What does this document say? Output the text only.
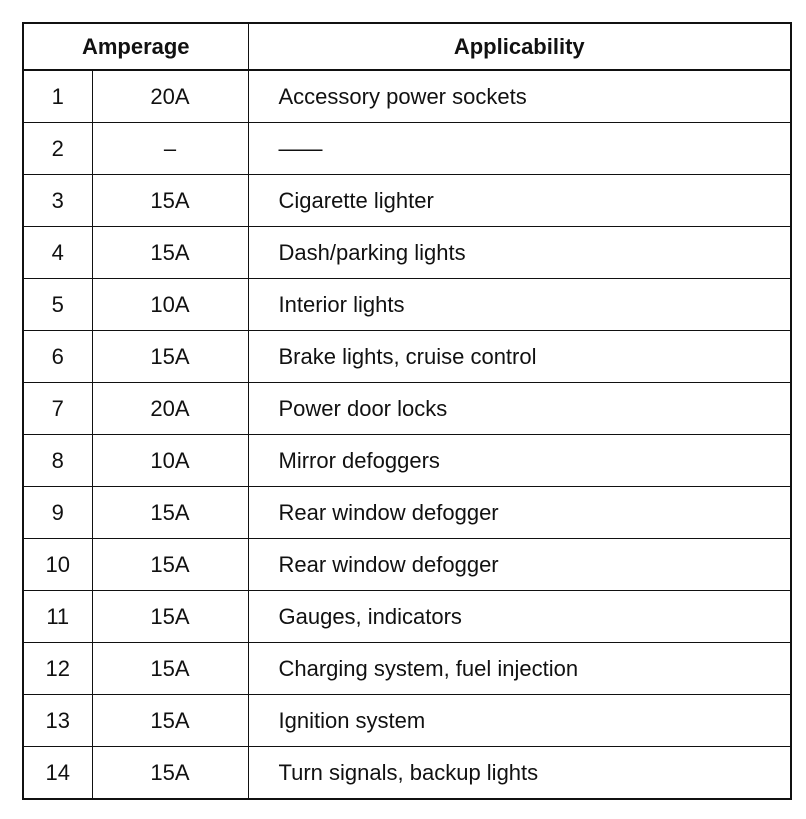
Amperage		Applicability
1	20A	Accessory power sockets
2	–	——
3	15A	Cigarette lighter
4	15A	Dash/parking lights
5	10A	Interior lights
6	15A	Brake lights, cruise control
7	20A	Power door locks
8	10A	Mirror defoggers
9	15A	Rear window defogger
10	15A	Rear window defogger
11	15A	Gauges, indicators
12	15A	Charging system, fuel injection
13	15A	Ignition system
14	15A	Turn signals, backup lights
